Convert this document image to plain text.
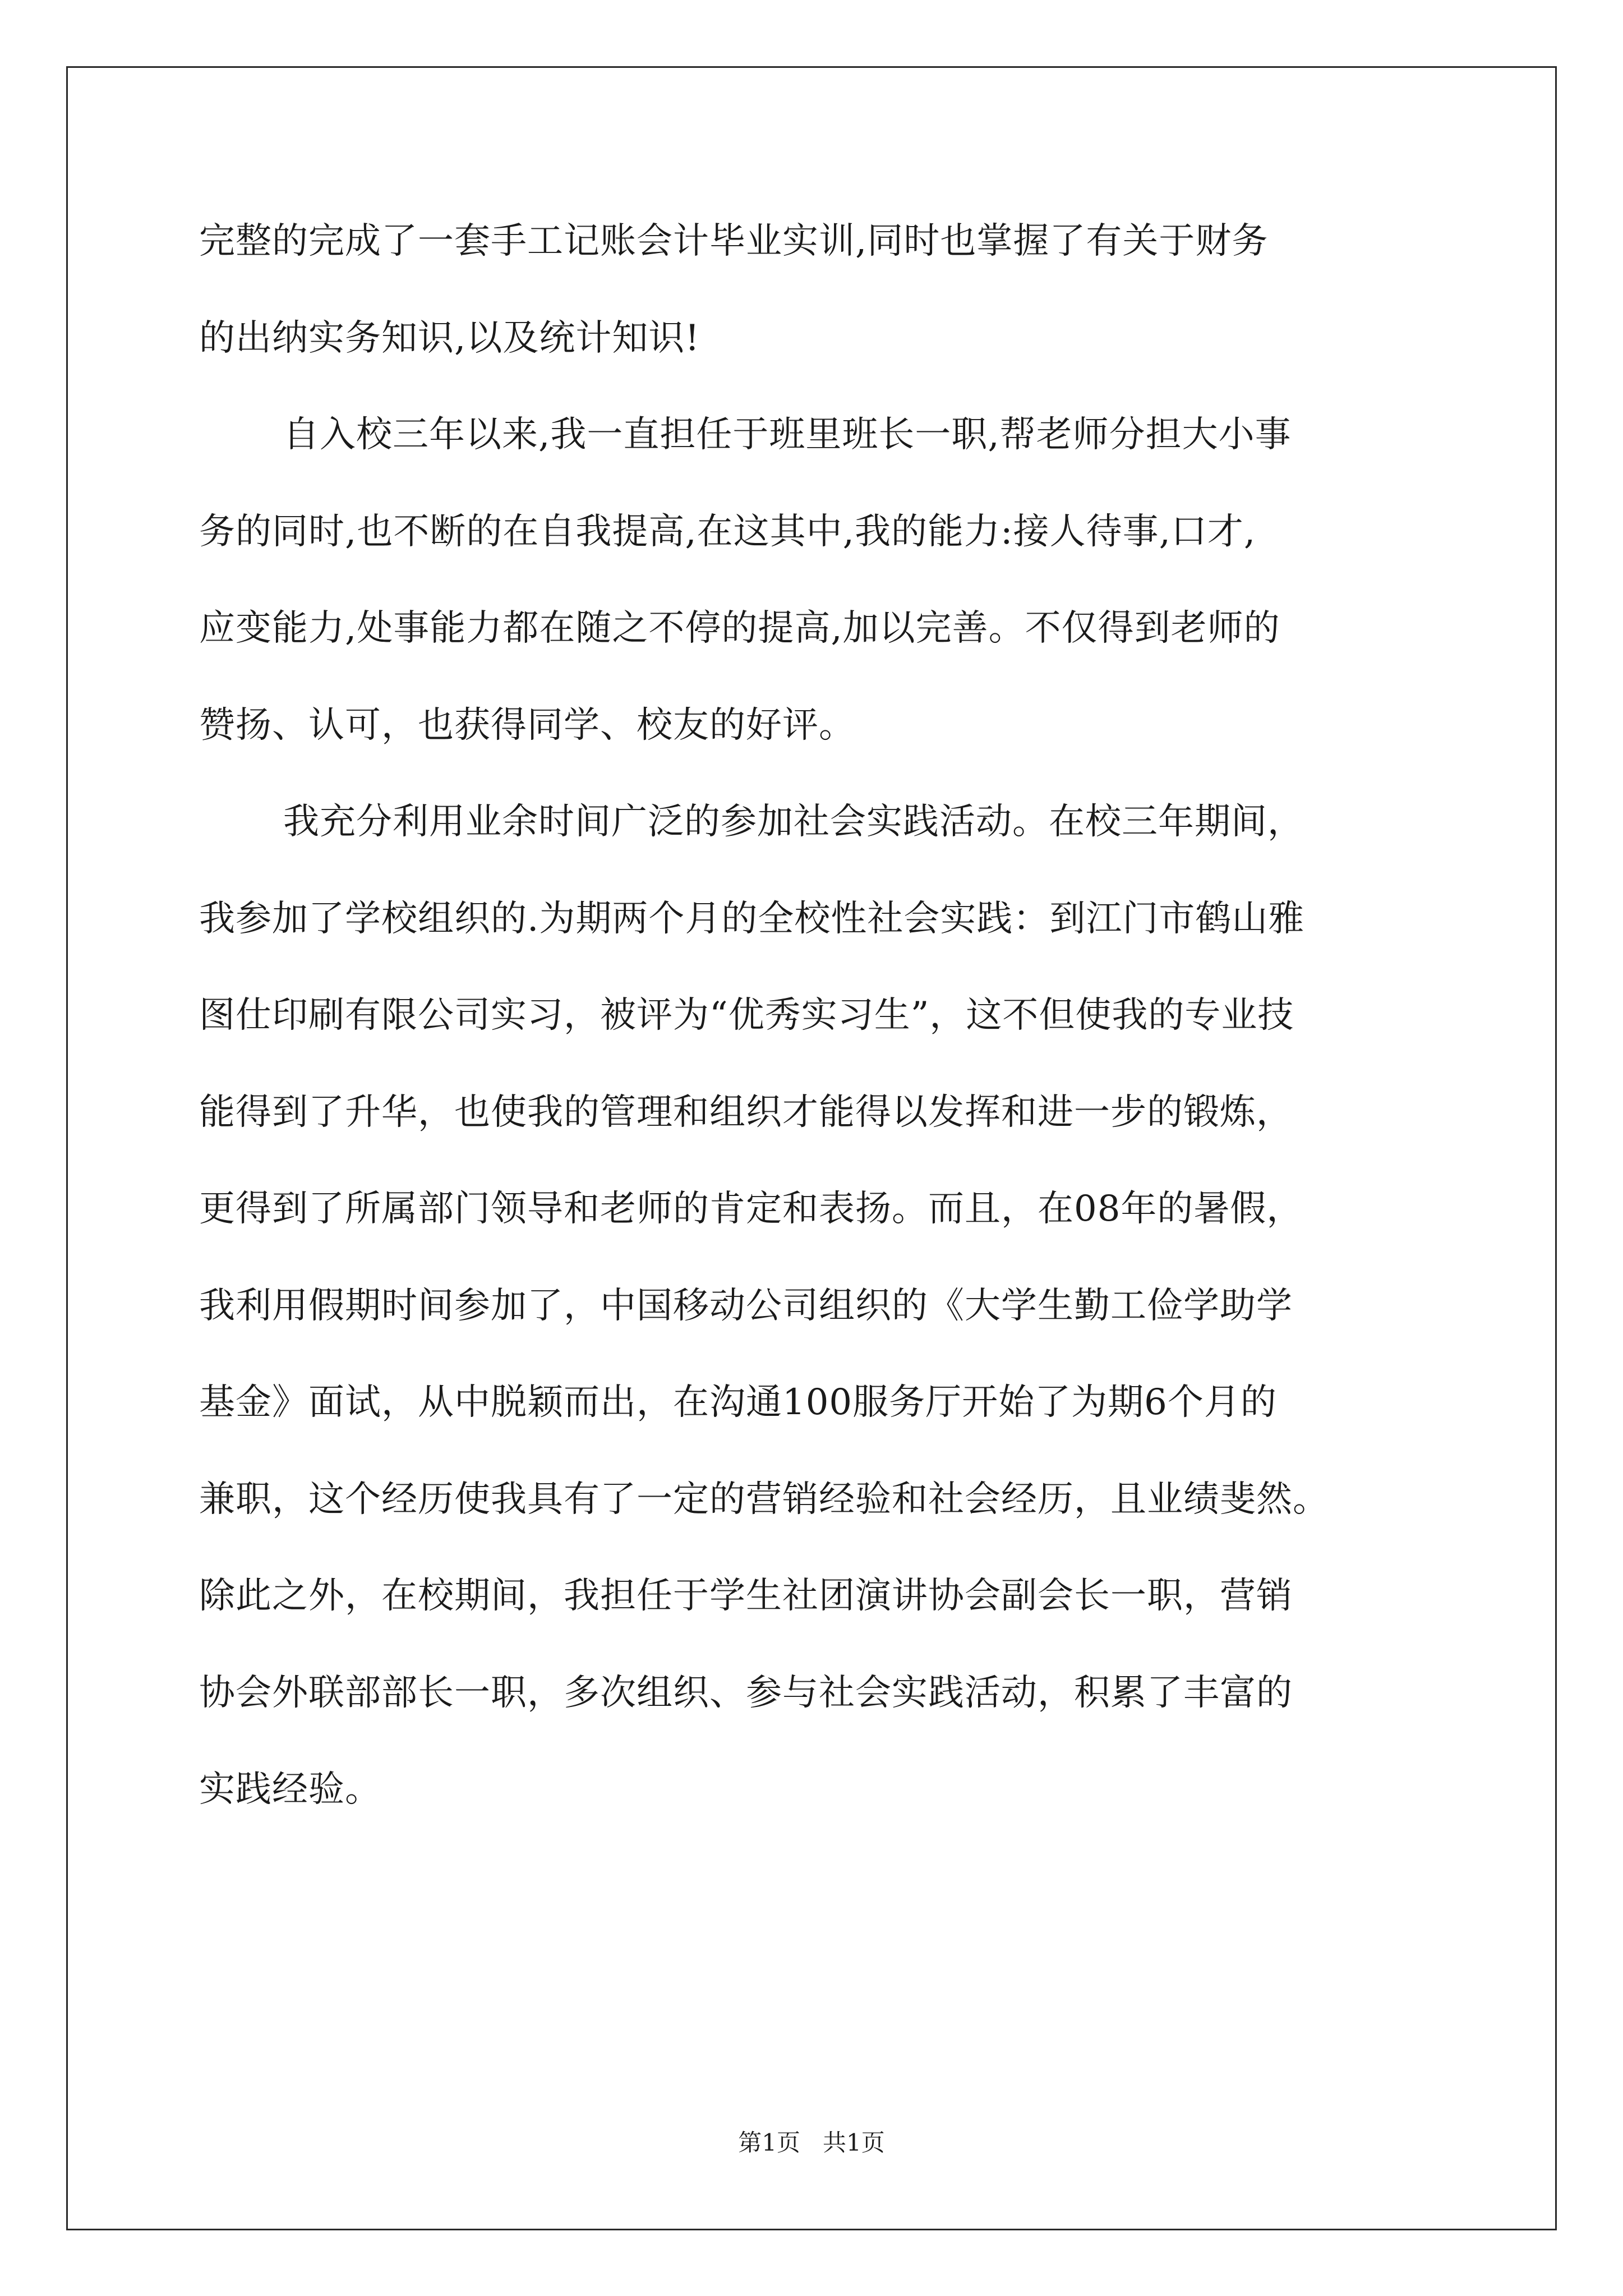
完整的完成了一套手工记账会计毕业实训,同时也掌握了有关于财务
的出纳实务知识,以及统计知识!
自入校三年以来,我一直担任于班里班长一职,帮老师分担大小事
务的同时,也不断的在自我提高,在这其中,我的能力:接人待事,口才,
应变能力,处事能力都在随之不停的提高,加以完善。不仅得到老师的
赞扬、认可，也获得同学、校友的好评。
我充分利用业余时间广泛的参加社会实践活动。在校三年期间，
我参加了学校组织的.为期两个月的全校性社会实践：到江门市鹤山雅
图仕印刷有限公司实习，被评为“优秀实习生”，这不但使我的专业技
能得到了升华，也使我的管理和组织才能得以发挥和进一步的锻炼，
更得到了所属部门领导和老师的肯定和表扬。而且，在08年的暑假，
我利用假期时间参加了，中国移动公司组织的《大学生勤工俭学助学
基金》面试，从中脱颖而出，在沟通100服务厅开始了为期6个月的
兼职，这个经历使我具有了一定的营销经验和社会经历，且业绩斐然。
除此之外，在校期间，我担任于学生社团演讲协会副会长一职，营销
协会外联部部长一职，多次组织、参与社会实践活动，积累了丰富的
实践经验。
第1页   共1页
